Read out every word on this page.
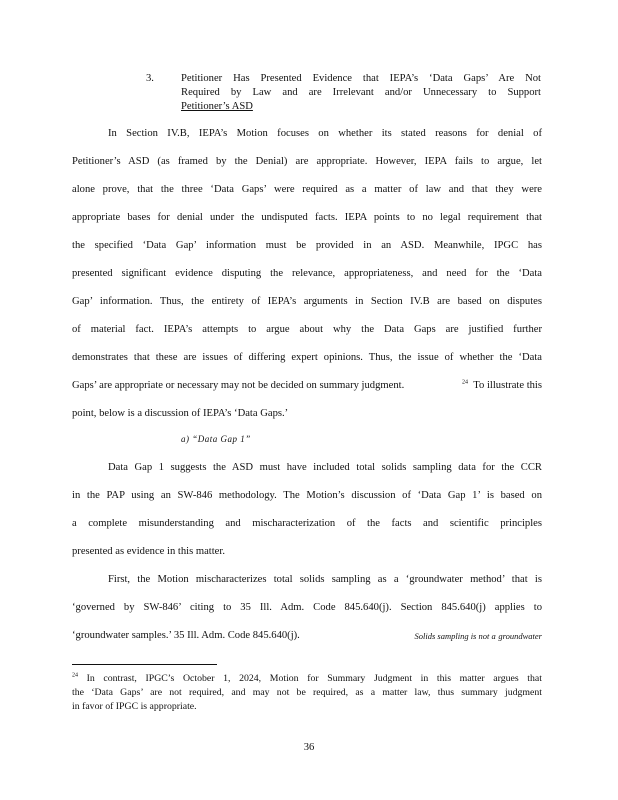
3.	Petitioner Has Presented Evidence that IEPA’s ‘Data Gaps’ Are Not
Required by Law and are Irrelevant and/or Unnecessary to Support
Petitioner’s ASD
In Section IV.B, IEPA’s Motion focuses on whether its stated reasons for denial of
Petitioner’s ASD (as framed by the Denial) are appropriate. However, IEPA fails to argue, let
alone prove, that the three ‘Data Gaps’ were required as a matter of law and that they were
appropriate bases for denial under the undisputed facts. IEPA points to no legal requirement that
the specified ‘Data Gap’ information must be provided in an ASD. Meanwhile, IPGC has
presented significant evidence disputing the relevance, appropriateness, and need for the ‘Data
Gap’ information. Thus, the entirety of IEPA’s arguments in Section IV.B are based on disputes
of material fact. IEPA’s attempts to argue about why the Data Gaps are justified further
demonstrates that these are issues of differing expert opinions. Thus, the issue of whether the ‘Data
Gaps’ are appropriate or necessary may not be decided on summary judgment.	$^{24}$ To illustrate this
point, below is a discussion of IEPA’s ‘Data Gaps.’
a) “Data Gap 1”
Data Gap 1 suggests the ASD must have included total solids sampling data for the CCR
in the PAP using an SW-846 methodology. The Motion’s discussion of ‘Data Gap 1’ is based on
a complete misunderstanding and mischaracterization of the facts and scientific principles
presented as evidence in this matter.
First, the Motion mischaracterizes total solids sampling as a ‘groundwater method’ that is
‘governed by SW-846’ citing to 35 Ill. Adm. Code 845.640(j). Section 845.640(j) applies to
‘groundwater samples.’ 35 Ill. Adm. Code 845.640(j).	Solids sampling is not a groundwater
$^{24}$ In contrast, IPGC’s October 1, 2024, Motion for Summary Judgment in this matter argues that
the ‘Data Gaps’ are not required, and may not be required, as a matter law, thus summary judgment
in favor of IPGC is appropriate.
36
